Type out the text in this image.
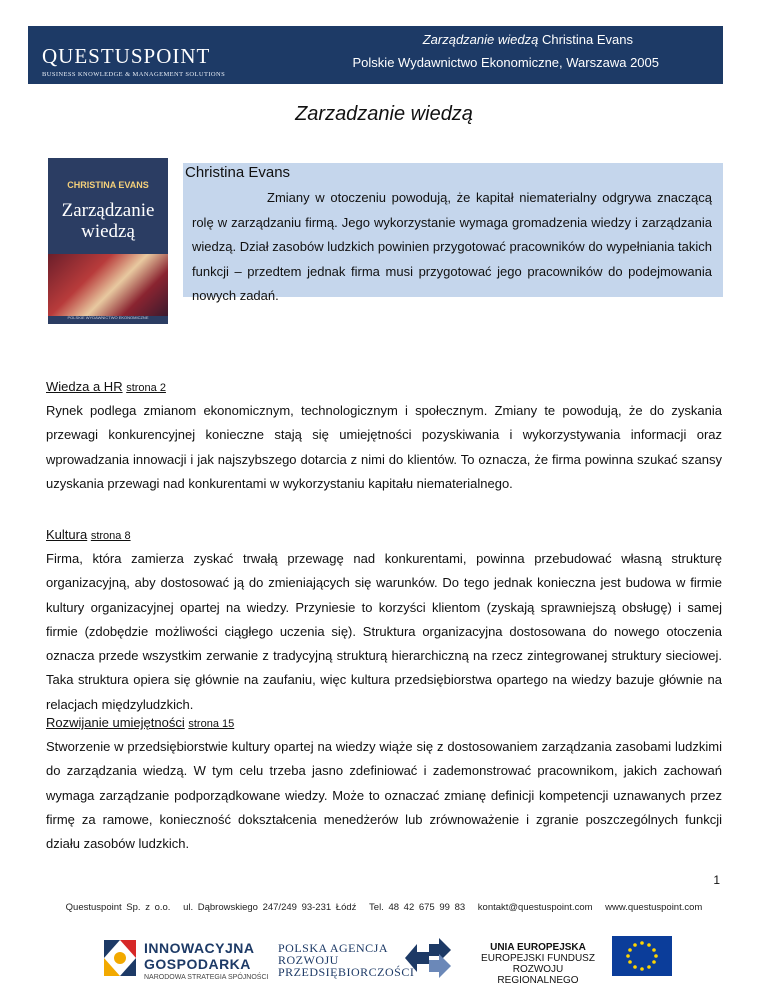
QUESTUSPOINT
BUSINESS KNOWLEDGE & MANAGEMENT SOLUTIONS
Zarządzanie wiedzą Christina Evans
Polskie Wydawnictwo Ekonomiczne, Warszawa 2005
Zarzadzanie wiedzą
CHRISTINA EVANS
Zarządzanie
wiedzą
POLSKIE WYDAWNICTWO EKONOMICZNE
Christina Evans
Zmiany w otoczeniu powodują, że kapitał niematerialny odgrywa znaczącą rolę w zarządzaniu firmą. Jego wykorzystanie wymaga gromadzenia wiedzy i zarządzania wiedzą. Dział zasobów ludzkich powinien przygotować pracowników do wypełniania takich funkcji – przedtem jednak firma musi przygotować jego pracowników do podejmowania nowych zadań.
Wiedza a HR strona 2
Rynek podlega zmianom ekonomicznym, technologicznym i społecznym. Zmiany te powodują, że do zyskania przewagi konkurencyjnej konieczne stają się umiejętności pozyskiwania i wykorzystywania informacji oraz wprowadzania innowacji i jak najszybszego dotarcia z nimi do klientów. To oznacza, że firma powinna szukać szansy uzyskania przewagi nad konkurentami w wykorzystaniu kapitału niematerialnego.
Kultura strona 8
Firma, która zamierza zyskać trwałą przewagę nad konkurentami, powinna przebudować własną strukturę organizacyjną, aby dostosować ją do zmieniających się warunków. Do tego jednak konieczna jest budowa w firmie kultury organizacyjnej opartej na wiedzy. Przyniesie to korzyści klientom (zyskają sprawniejszą obsługę) i samej firmie (zdobędzie możliwości ciągłego uczenia się). Struktura organizacyjna dostosowana do nowego otoczenia oznacza przede wszystkim zerwanie z tradycyjną strukturą hierarchiczną na rzecz zintegrowanej struktury sieciowej. Taka struktura opiera się głównie na zaufaniu, więc kultura przedsiębiorstwa opartego na wiedzy bazuje głównie na relacjach międzyludzkich.
Rozwijanie umiejętności strona 15
Stworzenie w przedsiębiorstwie kultury opartej na wiedzy wiąże się z dostosowaniem zarządzania zasobami ludzkimi do zarządzania wiedzą. W tym celu trzeba jasno zdefiniować i zademonstrować pracownikom, jakich zachowań wymaga zarządzanie podporządkowane wiedzy. Może to oznaczać zmianę definicji kompetencji uznawanych przez firmę za ramowe, konieczność dokształcenia menedżerów lub zrównoważenie i zgranie poszczególnych funkcji działu zasobów ludzkich.
1
Questuspoint Sp. z o.o. ul. Dąbrowskiego 247/249 93-231 Łódź Tel. 48 42 675 99 83 kontakt@questuspoint.com www.questuspoint.com
INNOWACYJNA
GOSPODARKA
NARODOWA STRATEGIA SPÓJNOŚCI
POLSKA AGENCJA
ROZWOJU
PRZEDSIĘBIORCZOŚCI
UNIA EUROPEJSKA
EUROPEJSKI FUNDUSZ
ROZWOJU REGIONALNEGO
